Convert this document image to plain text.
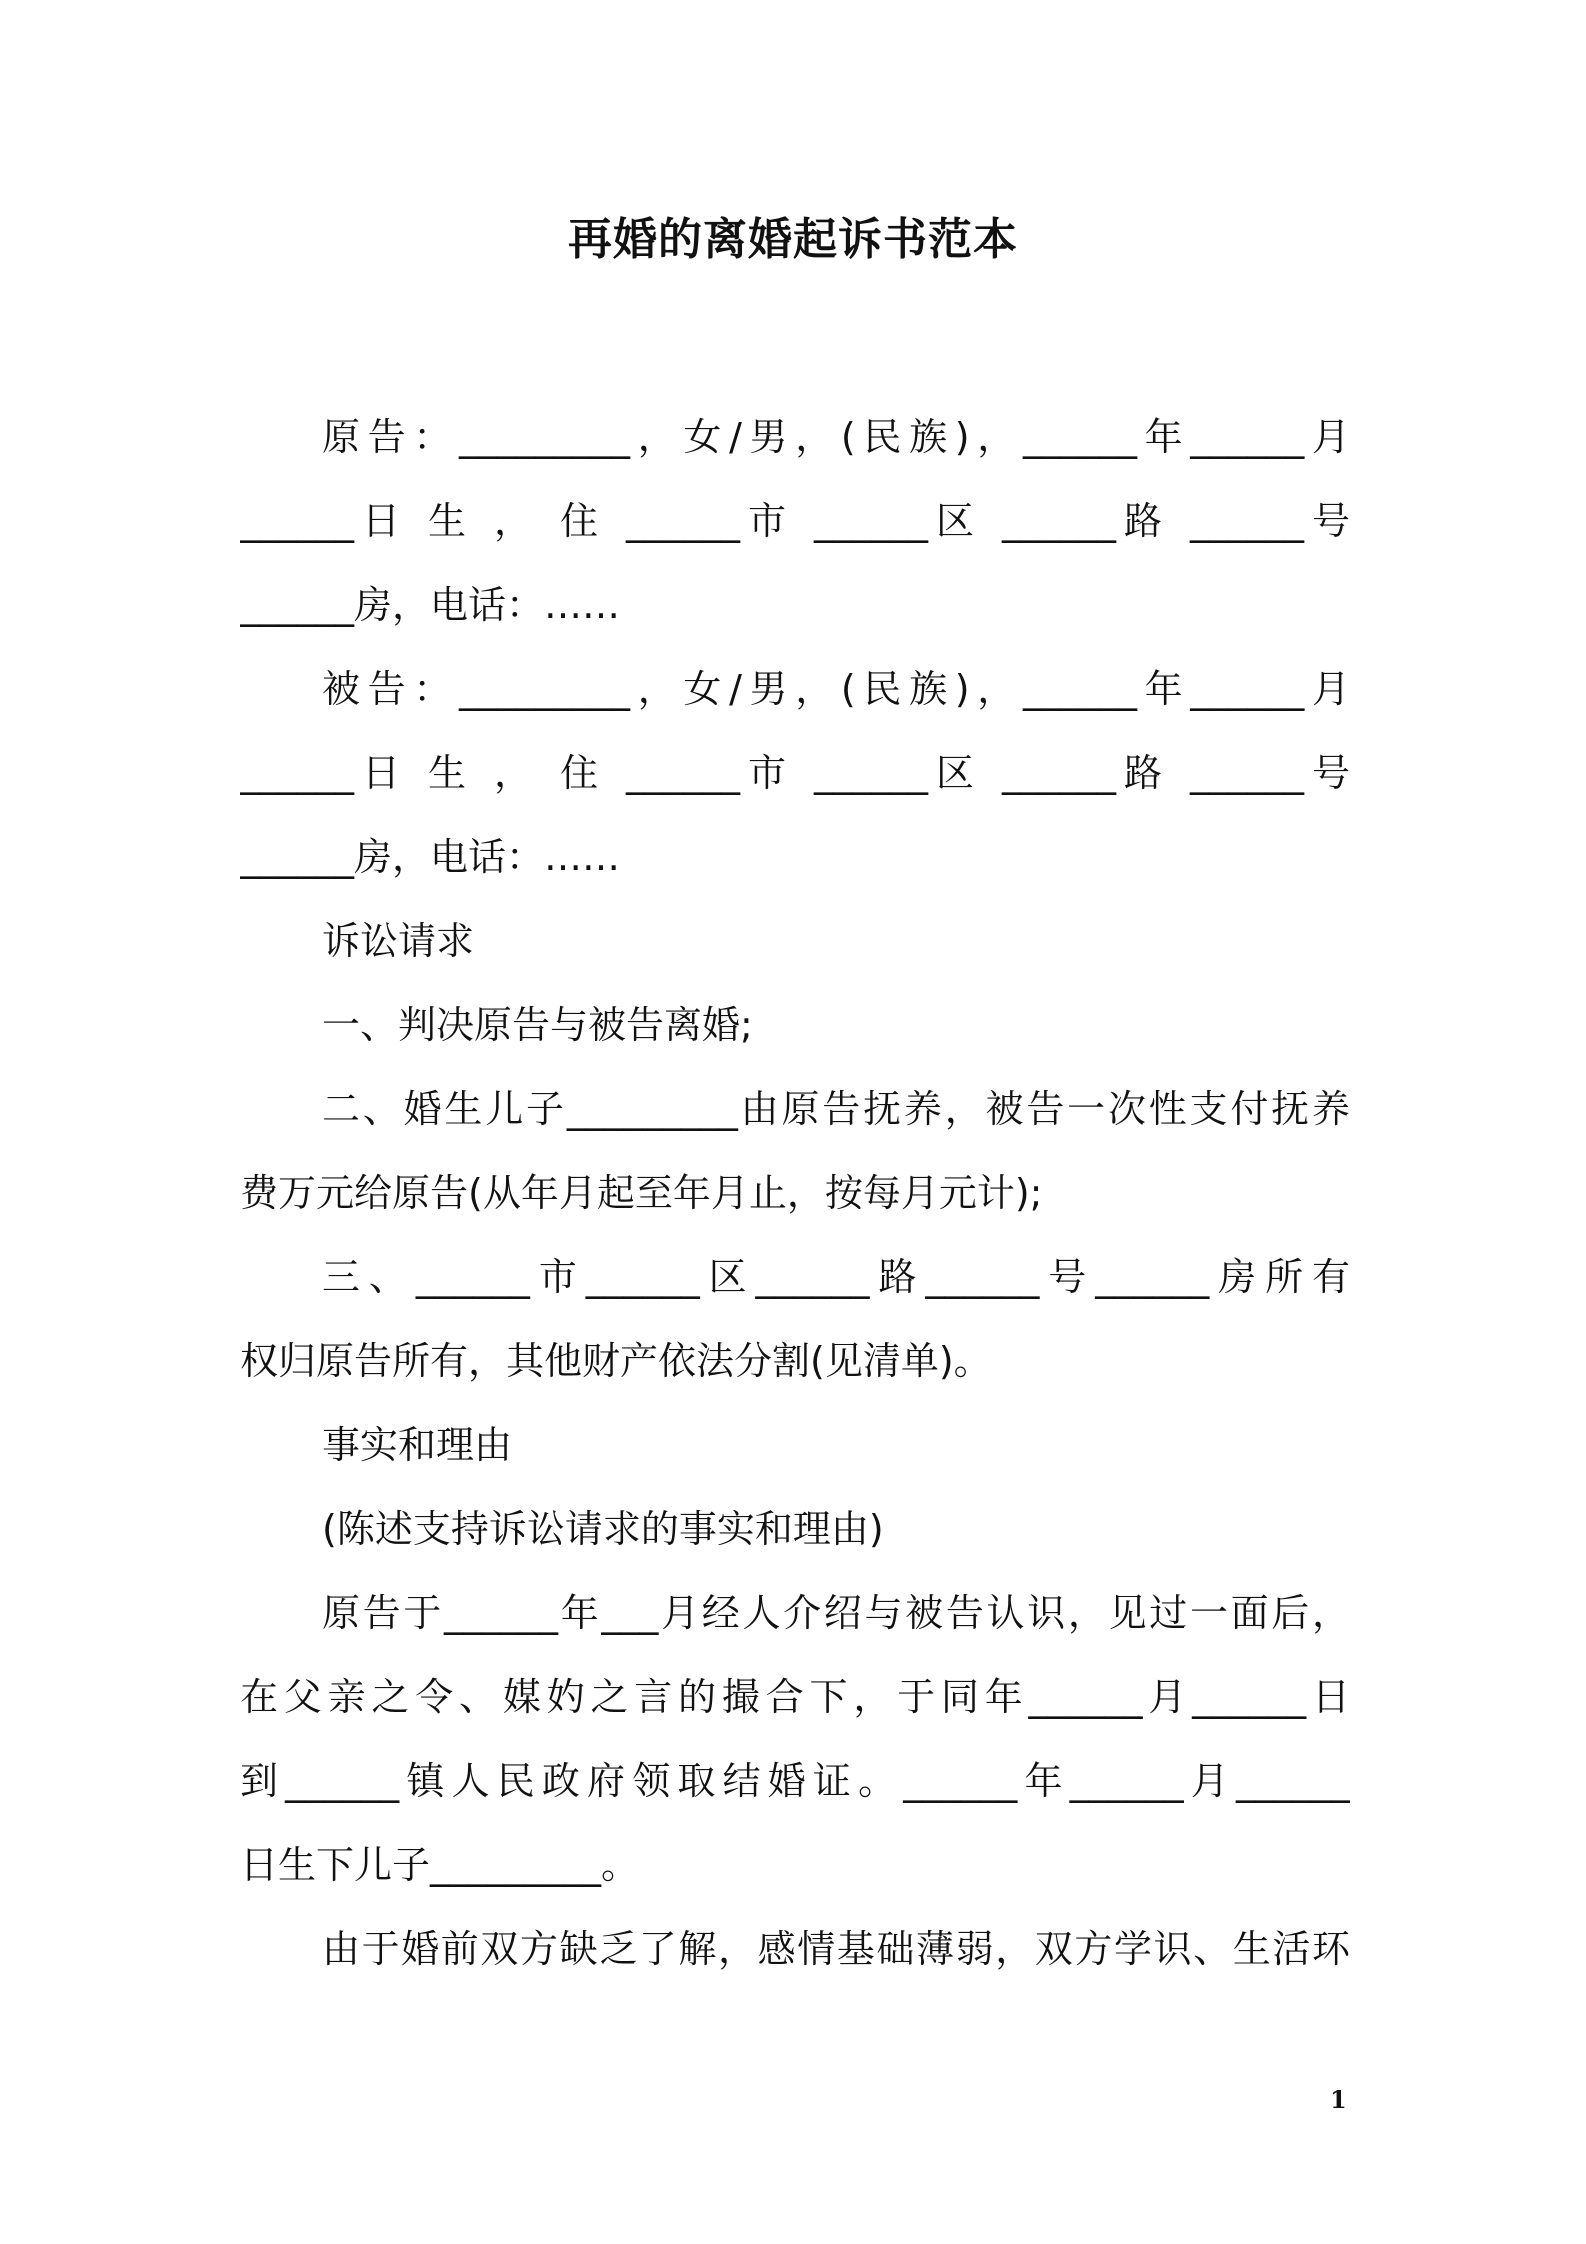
再婚的离婚起诉书范本
原告：_________，女/男，(民族)，______年______月
______日 生 ， 住 ______市 ______区 ______路 ______号
______房，电话：……
被告：_________，女/男，(民族)，______年______月
______日 生 ， 住 ______市 ______区 ______路 ______号
______房，电话：……
诉讼请求
一、判决原告与被告离婚;
二、婚生儿子_________由原告抚养，被告一次性支付抚养
费万元给原告(从年月起至年月止，按每月元计);
三、______市______区______路______号______房所有
权归原告所有，其他财产依法分割(见清单)。
事实和理由
(陈述支持诉讼请求的事实和理由)
原告于______年___月经人介绍与被告认识，见过一面后，
在父亲之令、媒妁之言的撮合下，于同年______月______日
到______镇人民政府领取结婚证。______年______月______
日生下儿子_________。
由于婚前双方缺乏了解，感情基础薄弱，双方学识、生活环
1
